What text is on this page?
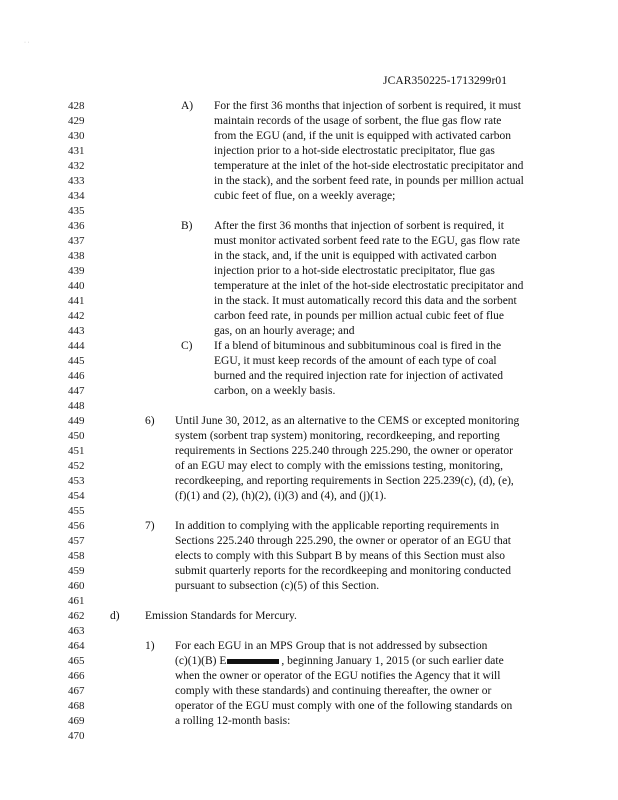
· ·
JCAR350225-1713299r01
428
429
430
431
432
433
434
435
436
437
438
439
440
441
442
443
444
445
446
447
448
449
450
451
452
453
454
455
456
457
458
459
460
461
462
463
464
465
466
467
468
469
470
A) For the first 36 months that injection of sorbent is required, it must
maintain records of the usage of sorbent, the flue gas flow rate
from the EGU (and, if the unit is equipped with activated carbon
injection prior to a hot-side electrostatic precipitator, flue gas
temperature at the inlet of the hot-side electrostatic precipitator and
in the stack), and the sorbent feed rate, in pounds per million actual
cubic feet of flue, on a weekly average;
B) After the first 36 months that injection of sorbent is required, it
must monitor activated sorbent feed rate to the EGU, gas flow rate
in the stack, and, if the unit is equipped with activated carbon
injection prior to a hot-side electrostatic precipitator, flue gas
temperature at the inlet of the hot-side electrostatic precipitator and
in the stack. It must automatically record this data and the sorbent
carbon feed rate, in pounds per million actual cubic feet of flue
gas, on an hourly average; and
C) If a blend of bituminous and subbituminous coal is fired in the
EGU, it must keep records of the amount of each type of coal
burned and the required injection rate for injection of activated
carbon, on a weekly basis.
6) Until June 30, 2012, as an alternative to the CEMS or excepted monitoring
system (sorbent trap system) monitoring, recordkeeping, and reporting
requirements in Sections 225.240 through 225.290, the owner or operator
of an EGU may elect to comply with the emissions testing, monitoring,
recordkeeping, and reporting requirements in Section 225.239(c), (d), (e),
(f)(1) and (2), (h)(2), (i)(3) and (4), and (j)(1).
7) In addition to complying with the applicable reporting requirements in
Sections 225.240 through 225.290, the owner or operator of an EGU that
elects to comply with this Subpart B by means of this Section must also
submit quarterly reports for the recordkeeping and monitoring conducted
pursuant to subsection (c)(5) of this Section.
d) Emission Standards for Mercury.
1) For each EGU in an MPS Group that is not addressed by subsection
(c)(1)(B) E	, beginning January 1, 2015 (or such earlier date
when the owner or operator of the EGU notifies the Agency that it will
comply with these standards) and continuing thereafter, the owner or
operator of the EGU must comply with one of the following standards on
a rolling 12-month basis:
